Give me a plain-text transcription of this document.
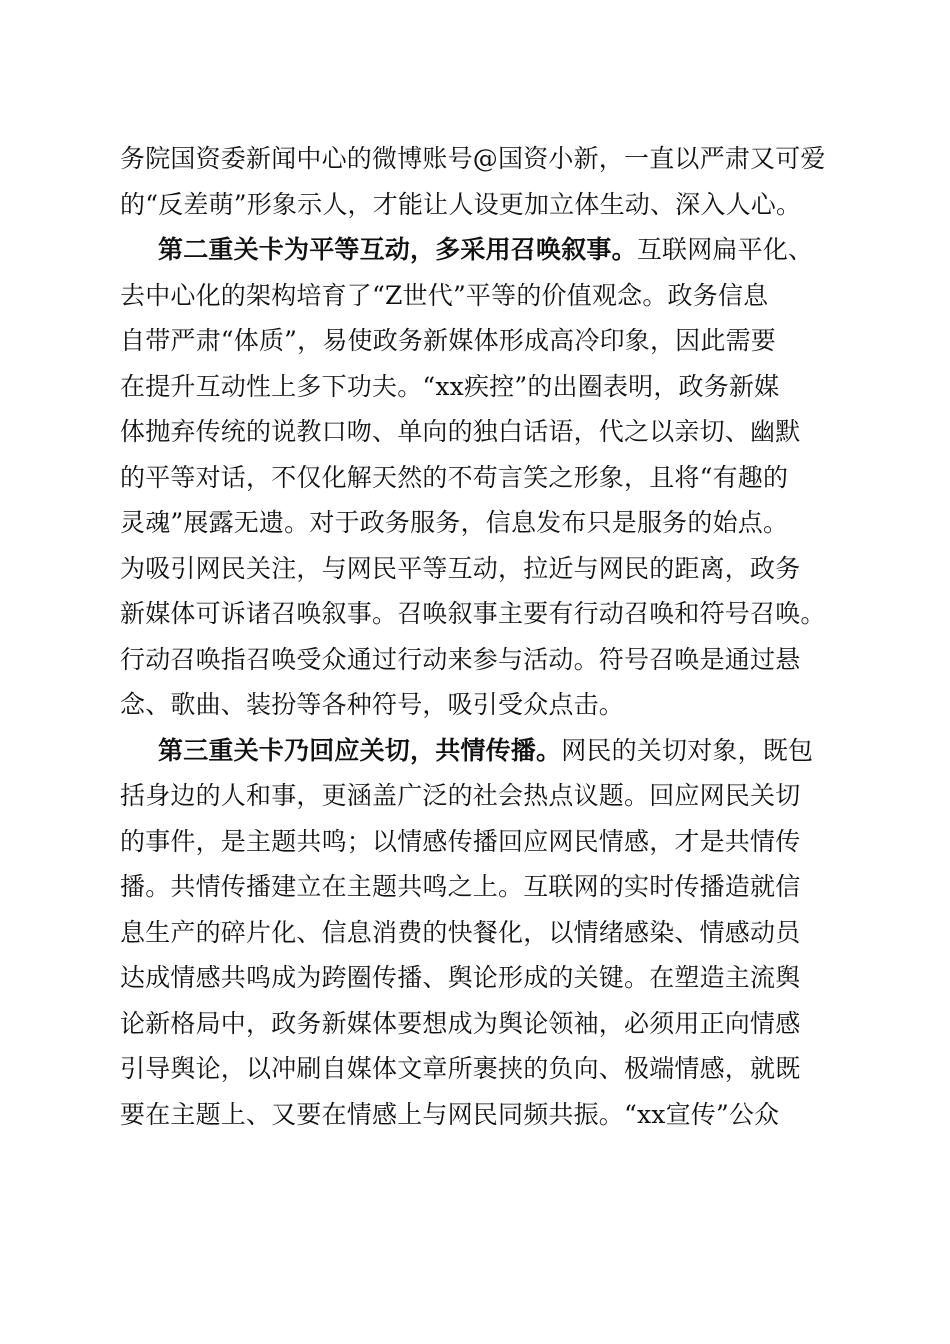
务院国资委新闻中心的微博账号@国资小新，一直以严肃又可爱
的“反差萌”形象示人，才能让人设更加立体生动、深入人心。
第二重关卡为平等互动，多采用召唤叙事。互联网扁平化、
去中心化的架构培育了“Z世代”平等的价值观念。政务信息
自带严肃“体质”，易使政务新媒体形成高冷印象，因此需要
在提升互动性上多下功夫。“xx疾控”的出圈表明，政务新媒
体抛弃传统的说教口吻、单向的独白话语，代之以亲切、幽默
的平等对话，不仅化解天然的不苟言笑之形象，且将“有趣的
灵魂”展露无遗。对于政务服务，信息发布只是服务的始点。
为吸引网民关注，与网民平等互动，拉近与网民的距离，政务
新媒体可诉诸召唤叙事。召唤叙事主要有行动召唤和符号召唤。
行动召唤指召唤受众通过行动来参与活动。符号召唤是通过悬
念、歌曲、装扮等各种符号，吸引受众点击。
第三重关卡乃回应关切，共情传播。网民的关切对象，既包
括身边的人和事，更涵盖广泛的社会热点议题。回应网民关切
的事件，是主题共鸣；以情感传播回应网民情感，才是共情传
播。共情传播建立在主题共鸣之上。互联网的实时传播造就信
息生产的碎片化、信息消费的快餐化，以情绪感染、情感动员
达成情感共鸣成为跨圈传播、舆论形成的关键。在塑造主流舆
论新格局中，政务新媒体要想成为舆论领袖，必须用正向情感
引导舆论，以冲刷自媒体文章所裹挟的负向、极端情感，就既
要在主题上、又要在情感上与网民同频共振。“xx宣传”公众
